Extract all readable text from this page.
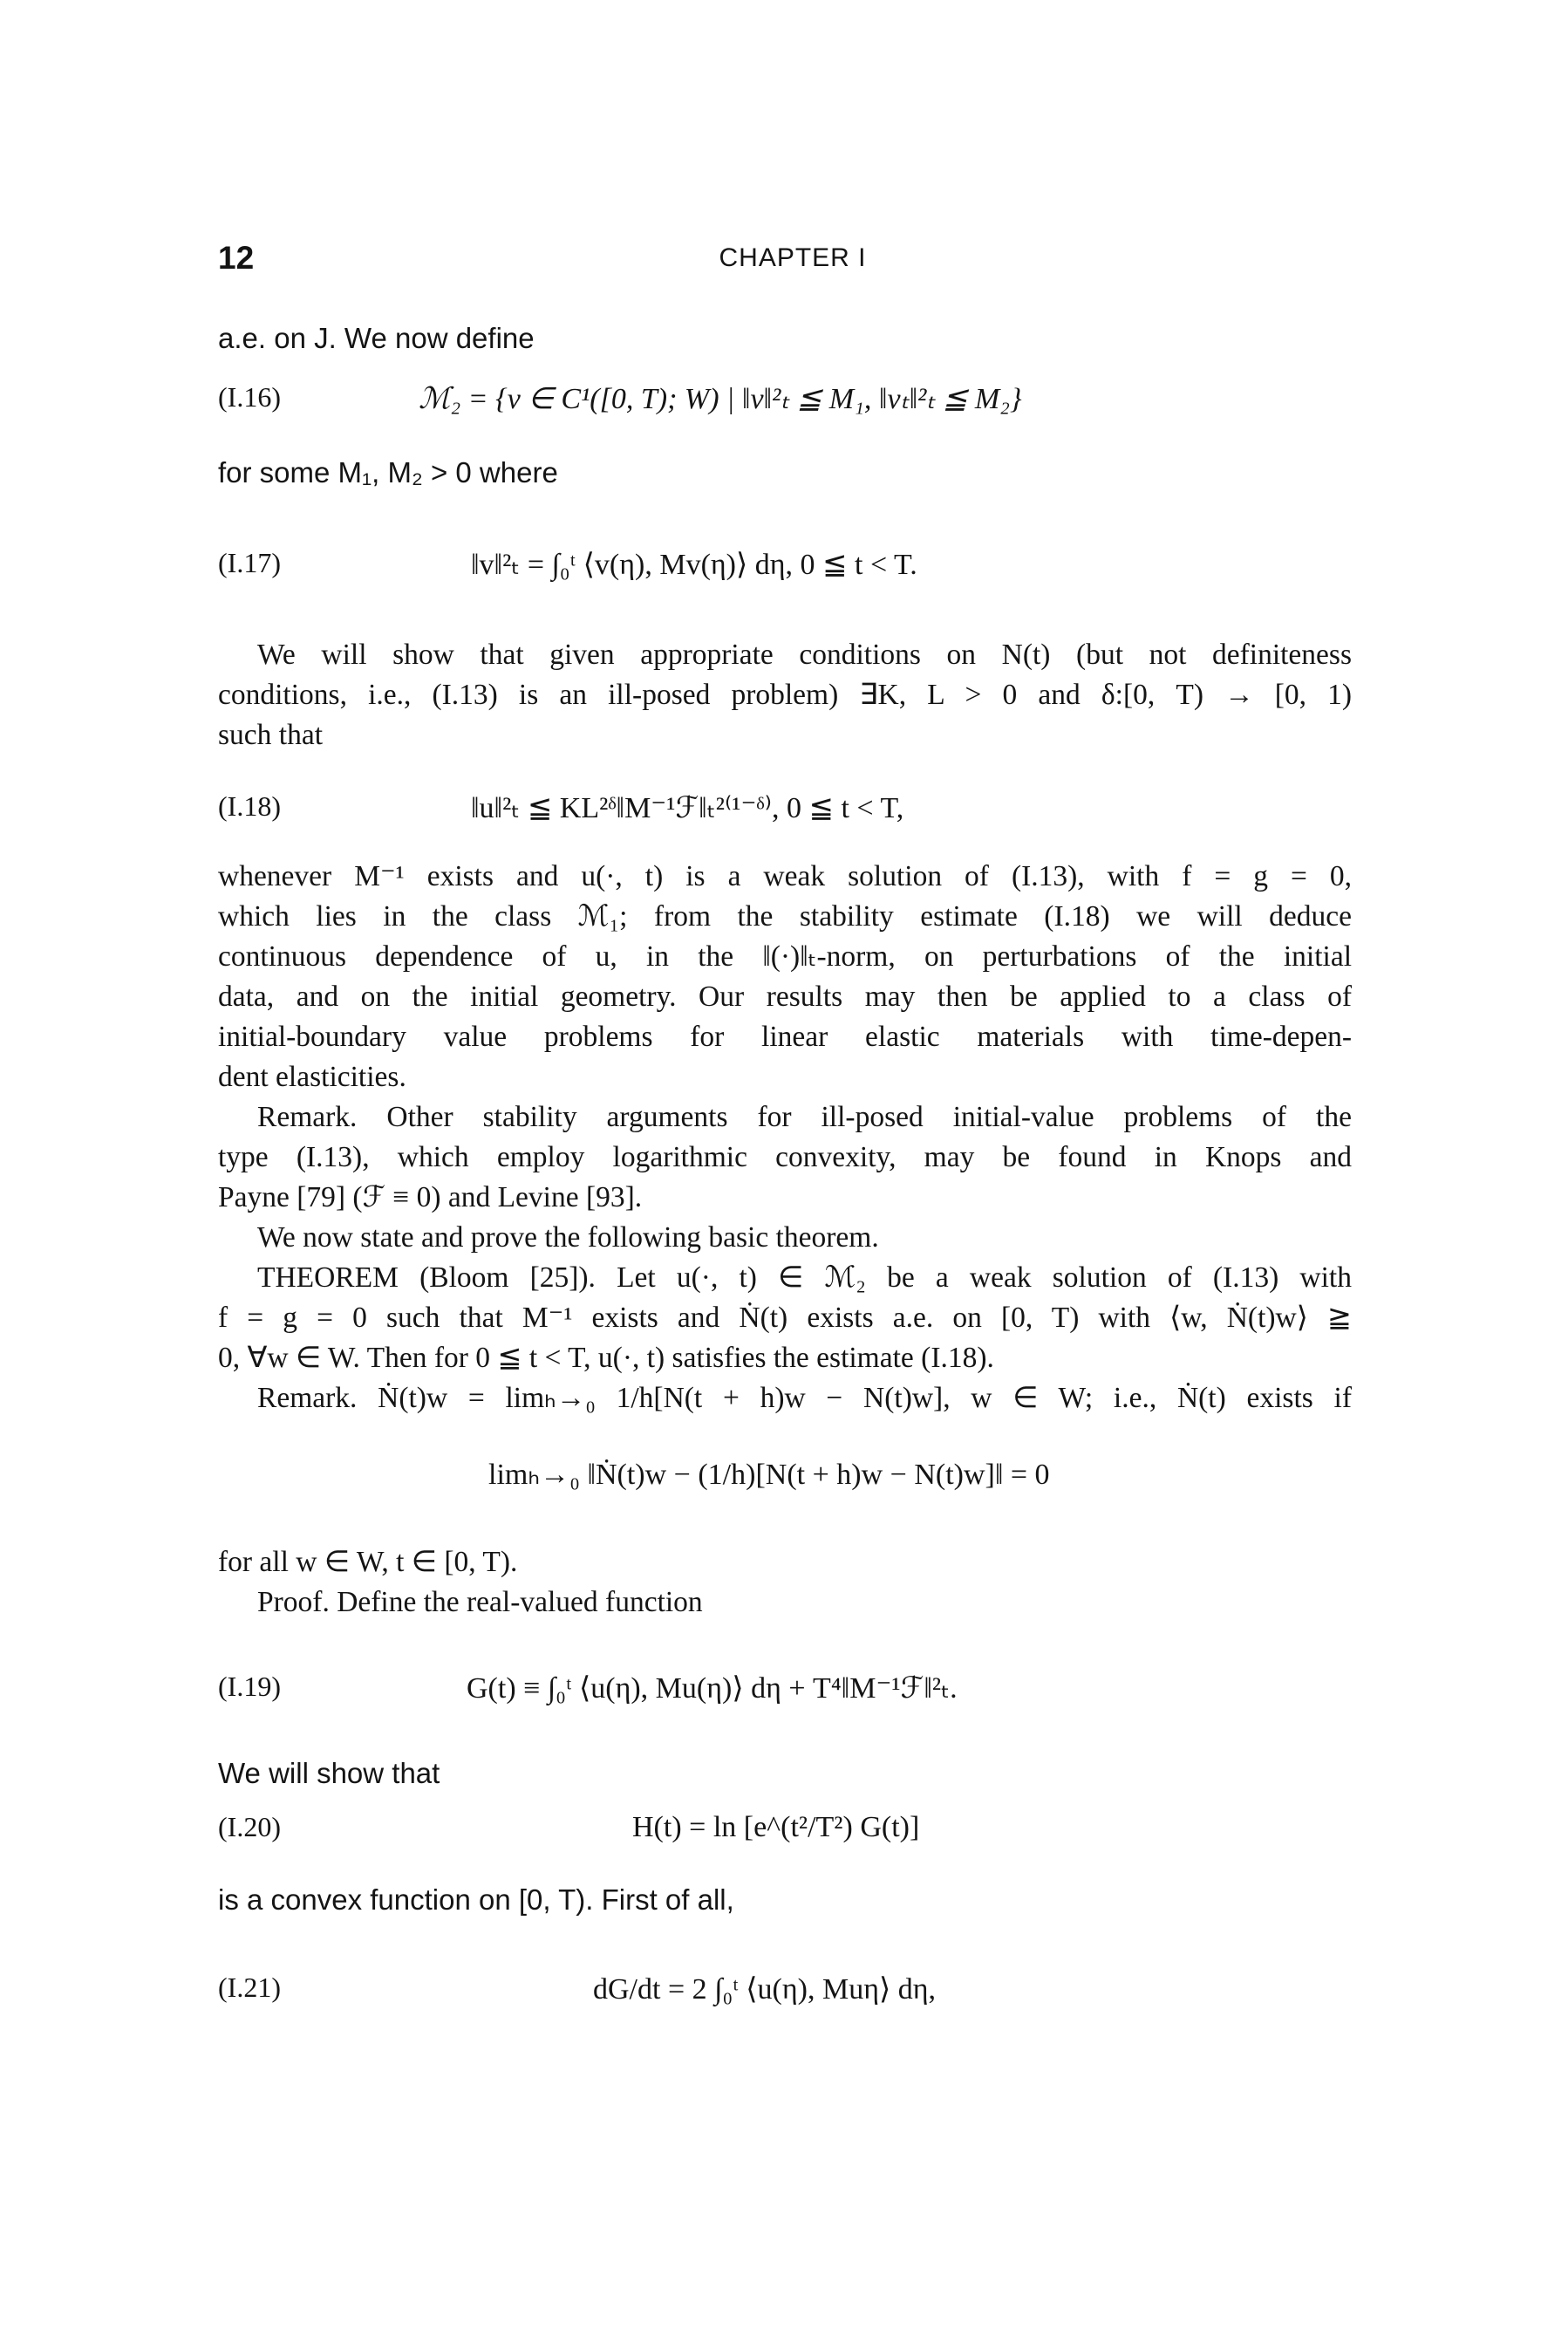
12	CHAPTER I
a.e. on J. We now define
(I.16)	ℳ₂ = {v ∈ C¹([0, T); W) | ‖v‖²ₜ ≦ M₁, ‖vₜ‖²ₜ ≦ M₂}
for some M₁, M₂ > 0 where
(I.17)	‖v‖²ₜ = ∫₀ᵗ ⟨v(η), Mv(η)⟩ dη, 0 ≦ t < T.
We will show that given appropriate conditions on N(t) (but not definiteness
conditions, i.e., (I.13) is an ill-posed problem) ∃K, L > 0 and δ:[0, T) → [0, 1)
such that
(I.18)	‖u‖²ₜ ≦ KL²ᵟ‖M⁻¹ℱ‖ₜ²⁽¹⁻ᵟ⁾, 0 ≦ t < T,
whenever M⁻¹ exists and u(·, t) is a weak solution of (I.13), with f = g = 0,
which lies in the class ℳ₁; from the stability estimate (I.18) we will deduce
continuous dependence of u, in the ‖(·)‖ₜ-norm, on perturbations of the initial
data, and on the initial geometry. Our results may then be applied to a class of
initial-boundary value problems for linear elastic materials with time-depen-
dent elasticities.
Remark. Other stability arguments for ill-posed initial-value problems of the
type (I.13), which employ logarithmic convexity, may be found in Knops and
Payne [79] (ℱ ≡ 0) and Levine [93].
We now state and prove the following basic theorem.
THEOREM (Bloom [25]). Let u(·, t) ∈ ℳ₂ be a weak solution of (I.13) with
f = g = 0 such that M⁻¹ exists and Ṅ(t) exists a.e. on [0, T) with ⟨w, Ṅ(t)w⟩ ≧
0, ∀w ∈ W. Then for 0 ≦ t < T, u(·, t) satisfies the estimate (I.18).
Remark. Ṅ(t)w = limₕ→₀ 1/h[N(t + h)w − N(t)w], w ∈ W; i.e., Ṅ(t) exists if
limₕ→₀ ‖Ṅ(t)w − (1/h)[N(t + h)w − N(t)w]‖ = 0
for all w ∈ W, t ∈ [0, T).
Proof. Define the real-valued function
(I.19)	G(t) ≡ ∫₀ᵗ ⟨u(η), Mu(η)⟩ dη + T⁴‖M⁻¹ℱ‖²ₜ.
We will show that
(I.20)	H(t) = ln [e^(t²/T²) G(t)]
is a convex function on [0, T). First of all,
(I.21)	dG/dt = 2 ∫₀ᵗ ⟨u(η), Muη⟩ dη,
